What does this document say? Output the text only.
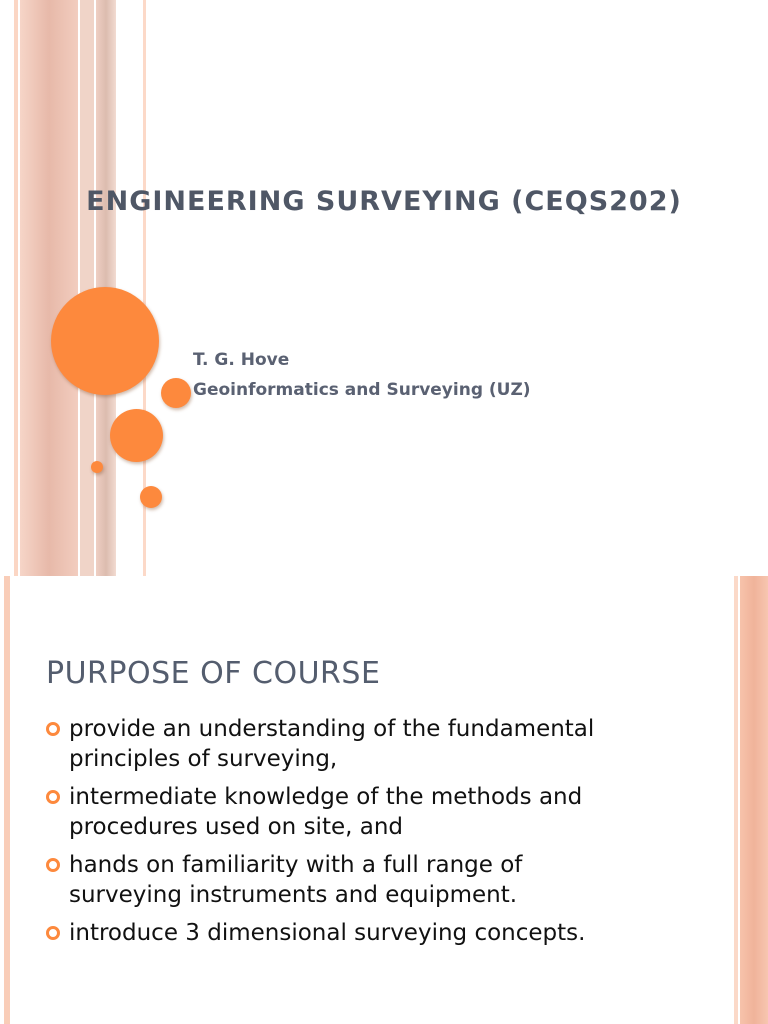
ENGINEERING SURVEYING (CEQS202)
T. G. Hove
Geoinformatics and Surveying (UZ)
PURPOSE OF COURSE
provide an understanding of the fundamental
principles of surveying,
intermediate knowledge of the methods and
procedures used on site, and
hands on familiarity with a full range of
surveying instruments and equipment.
introduce 3 dimensional surveying concepts.
